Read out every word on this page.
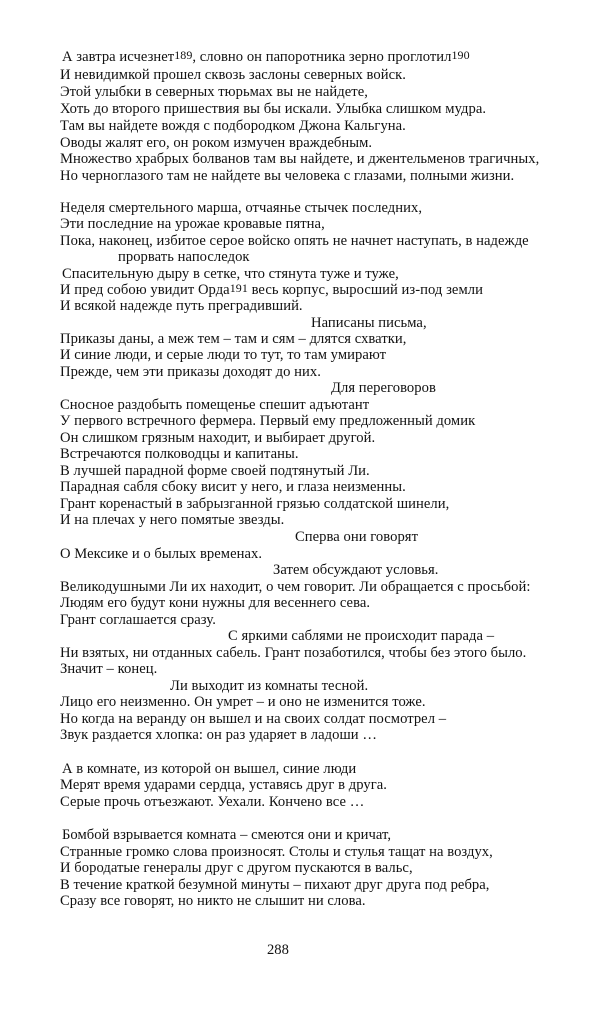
А завтра исчезнет$^{189}$, словно он папоротника зерно проглотил$^{190}$
И невидимкой прошел сквозь заслоны северных войск.
Этой улыбки в северных тюрьмах вы не найдете,
Хоть до второго пришествия вы бы искали. Улыбка слишком мудра.
Там вы найдете вождя с подбородком Джона Кальгуна.
Оводы жалят его, он роком измучен враждебным.
Множество храбрых болванов там вы найдете, и джентельменов трагичных,
Но черноглазого там не найдете вы человека с глазами, полными жизни.
Неделя смертельного марша, отчаянье стычек последних,
Эти последние на урожае кровавые пятна,
Пока, наконец, избитое серое войско опять не начнет наступать, в надежде
прорвать напоследок
Спасительную дыру в сетке, что стянута туже и туже,
И пред собою увидит Орда$^{191}$ весь корпус, выросший из-под земли
И всякой надежде путь преградивший.
Написаны письма,
Приказы даны, а меж тем – там и сям – длятся схватки,
И синие люди, и серые люди то тут, то там умирают
Прежде, чем эти приказы доходят до них.
Для переговоров
Сносное раздобыть помещенье спешит адъютант
У первого встречного фермера. Первый ему предложенный домик
Он слишком грязным находит, и выбирает другой.
Встречаются полководцы и капитаны.
В лучшей парадной форме своей подтянутый Ли.
Парадная сабля сбоку висит у него, и глаза неизменны.
Грант коренастый в забрызганной грязью солдатской шинели,
И на плечах у него помятые звезды.
Сперва они говорят
О Мексике и о былых временах.
Затем обсуждают условья.
Великодушными Ли их находит, о чем говорит. Ли обращается с просьбой:
Людям его будут кони нужны для весеннего сева.
Грант соглашается сразу.
С яркими саблями не происходит парада –
Ни взятых, ни отданных сабель. Грант позаботился, чтобы без этого было.
Значит – конец.
Ли выходит из комнаты тесной.
Лицо его неизменно. Он умрет – и оно не изменится тоже.
Но когда на веранду он вышел и на своих солдат посмотрел –
Звук раздается хлопка: он раз ударяет в ладоши …
А в комнате, из которой он вышел, синие люди
Мерят время ударами сердца, уставясь друг в друга.
Серые прочь отъезжают. Уехали. Кончено все …
Бомбой взрывается комната – смеются они и кричат,
Странные громко слова произносят. Столы и стулья тащат на воздух,
И бородатые генералы друг с другом пускаются в вальс,
В течение краткой безумной минуты – пихают друг друга под ребра,
Сразу все говорят, но никто не слышит ни слова.
288
